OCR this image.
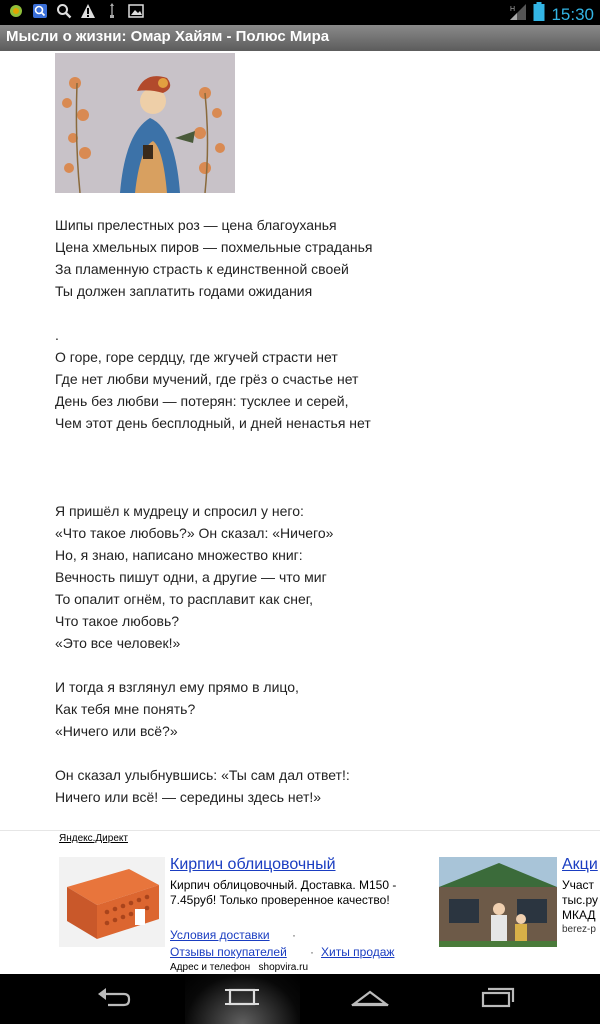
H 15:30
Мысли о жизни: Омар Хайям - Полюс Мира
Шипы прелестных роз — цена благоуханья
Цена хмельных пиров — похмельные страданья
За пламенную страсть к единственной своей
Ты должен заплатить годами ожидания
.
О горе, горе сердцу, где жгучей страсти нет
Где нет любви мучений, где грёз о счастье нет
День без любви — потерян: тусклее и серей,
Чем этот день бесплодный, и дней ненастья нет
Я пришёл к мудрецу и спросил у него:
«Что такое любовь?» Он сказал: «Ничего»
Но, я знаю, написано множество книг:
Вечность пишут одни, а другие — что миг
То опалит огнём, то расплавит как снег,
Что такое любовь?
«Это все человек!»
И тогда я взглянул ему прямо в лицо,
Как тебя мне понять?
«Ничего или всё?»
Он сказал улыбнувшись: «Ты сам дал ответ!:
Ничего или всё! — середины здесь нет!»
Яндекс.Директ
Кирпич облицовочный
Кирпич облицовочный. Доставка. М150 - 7.45руб! Только проверенное качество!
Условия доставки ·
Отзывы покупателей · Хиты продаж
Адрес и телефон shopvira.ru
Акци
Участ
тыс.ру
МКАД
berez-p
